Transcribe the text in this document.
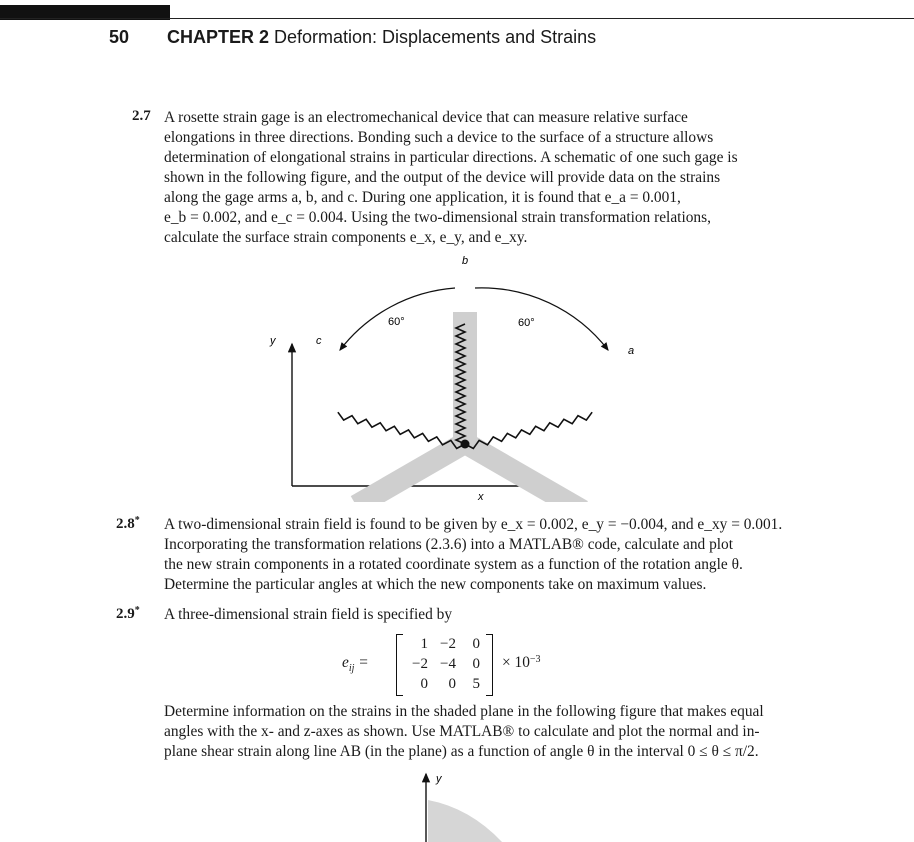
50 CHAPTER 2 Deformation: Displacements and Strains
2.7 A rosette strain gage is an electromechanical device that can measure relative surface
elongations in three directions. Bonding such a device to the surface of a structure allows
determination of elongational strains in particular directions. A schematic of one such gage is
shown in the following figure, and the output of the device will provide data on the strains
along the gage arms a, b, and c. During one application, it is found that e_a = 0.001,
e_b = 0.002, and e_c = 0.004. Using the two-dimensional strain transformation relations,
calculate the surface strain components e_x, e_y, and e_xy.
y
x
b
a
c
60°	60°
2.8* A two-dimensional strain field is found to be given by e_x = 0.002, e_y = −0.004, and e_xy = 0.001.
Incorporating the transformation relations (2.3.6) into a MATLAB® code, calculate and plot
the new strain components in a rotated coordinate system as a function of the rotation angle θ.
Determine the particular angles at which the new components take on maximum values.
2.9* A three-dimensional strain field is specified by
$e_{ij}$ =
1 −2	0
−2 −4	0
0	0	5
× $10^{-3}$
Determine information on the strains in the shaded plane in the following figure that makes equal
angles with the x- and z-axes as shown. Use MATLAB® to calculate and plot the normal and in-
plane shear strain along line AB (in the plane) as a function of angle θ in the interval 0 ≤ θ ≤ π/2.
y
